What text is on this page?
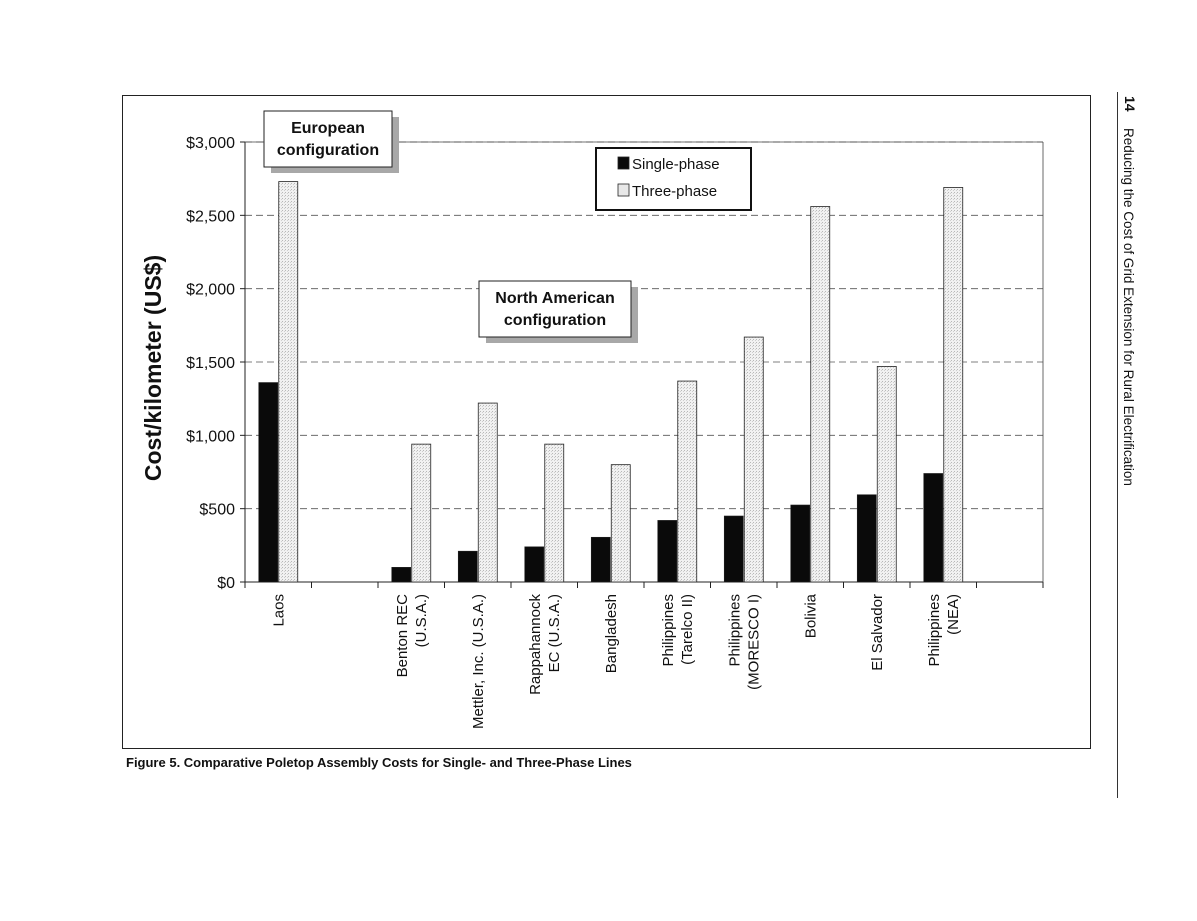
$0
$500
$1,000
$1,500
$2,000
$2,500
$3,000
Laos	Benton REC (U.S.A.)	Mettler, Inc. (U.S.A.)	Rappahannock EC (U.S.A.)	Bangladesh	Philippines (Tarelco II) Philippines (MORESCO I)	Bolivia	El Salvador	Philippines (NEA)
Cost/kilometer (US$)
European
configuration
North American
configuration
Single-phase
Three-phase
Figure 5. Comparative Poletop Assembly Costs for Single- and Three-Phase Lines
14
Reducing the Cost of Grid Extension for Rural Electrification
